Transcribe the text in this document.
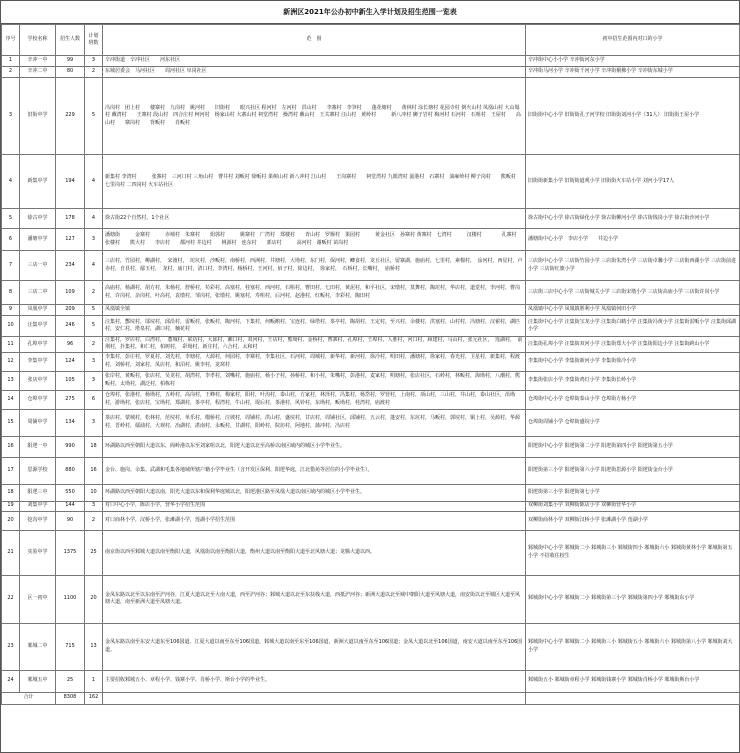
新洲区2021年公办初中新生入学计划及招生范围一览表
序号	学校名称	招生人数	计划班数	范　围	初中招生范围内对口的小学
1	辛冲一中	99	3	辛冲街道　辛冲社区　　河东社区	辛冲街中心小小学 辛冲街河东小学
2	辛冲二中	80	2	东城居委会　马河社区　　周河社区 阜岗社区	辛冲街马河小学 辛冲街千河小学 辛冲街桐佛小学 辛冲街东城小学
3	旧街中学	229	5	冯岗村　团上村　　楼寨村　九岗村　姚河村　　旧街村　　眼兴社区 程河村　左河村　洪山村　　李寨村　李笋村　　蓬花塘村　　黄林村 涂长塘村 花园寺村 倒火山村 凤凰山村 大山塌村 戴湾村　　王寨村 段山村　四合庄村 柯河村　杨家山村 大寨山村 祠堂湾村　操湾村 戴山村　王关寨村 汪山村　黄岭村　　　新八冲村 狮子岩村 梅河村 石河村　石咀村　王屋村　　高山村　　寨岗村　　背畈村　　肖畈村	旧街街中心小学 旧街街孔子河学校 旧街街刘河小学（31人） 旧街街王屋小学
4	新集中学	194	4	新集村 李湾村　　　张寨村　三河口村 三角山村　曹井村 刘畈村 徐畈村 果树山村 新八冲村 江山村　　王岗寨村　　祠堂湾村 九眼湾村 滋港村　石寨村　油麻岭村 柳子岗村　　熊畈村　七里岗村 二四岗村 火车站社区	旧街街新集小学 旧街街道观小学 旧街街火车站小学 刘河小学17人
5	徐古中学	178	4	徐古街22个自然村，1个社区	徐古街中心小学 徐古街绿化小学 徐古街柳河小学 徐古街钱岗小学 徐古街沙河小学
6	潘塘中学	127	3	潘塘街　　　金寨村　　　赤城村　朱寨村　　姐郭村　　　姚寨村　广湾村　郑楼村　　青山村　罗堰村　果园村　　　黄金社区　孙寨村 黄寨村　七湾村　　　汉楼村　　　　孔寨村　张楼村　　熊大村　　李店村　　都河村 井边村　　桃源村　连东村　　郭店村　　　高河村　谢畈村 苗岗村	潘塘街中心小学　李店小学　　井边小学
7	三店一中	234	4	三店村，竹园村，柳湖村，　宋渡村，　坨坑村，沙畈村，南桥村，西洲村，井塘村，大坳村，东门村，保河村，鲫食村，龙丘社区，留寨湖，施庙村，七里村，素棉村，　涂河村，西星村，卢赤村，自艮村，鄢玉村，　龙村，庙门村，清口村，李湾村，杨桥村，王河村，佰子村，徐边村，　徐家村，　石桥村，长嘴村，　庙桥村	三店街中心小学 三店街竹园小学 三店街朱湾小学 三店街卓馨小学 三店街西湖小学 三店街前进小学 三店街红旗小学
8	三店二中	109	2	高庙村，杨湖村，胡方村，朱杨村，舒桥村，苟彩村，高塞村，桂塞村，西河村，石咀村，曹田村，七田村，黄泥村，和平社区，宋墩村，莫舞村，陶坨村，华店村，道觉村，李河村，曹岗村，许岗村，杂岗村，叶高村，袁墩村，邹岗村，张墩村，姚塞村，寿咀村，后河村，赵港村，红畈村，李彩村，陶田村	三店街三店中心小学 三店街城关小学 三店街宋墩小学 三店街高庙小学 三店街许岗小学
9	凤凰中学	209	5	凤凰镇全镇	凤凰镇中心小学 凤凰镇胜利小学 凤凰镇何田小学
10	汪集中学	246	5	汪集村，酆垸村，邬垸村，邱沿村，雷畈村，张畈村，陶河村，下集村，何畈鹅村，宝连村，绿塔村，茶亭村，陶胡村，王定村，至兴村，余楼村，洪塞村，山村村，冯塘村，汉翟村，湖匹村，安仁村，塔泉村，湖口村，楠花村	汪集街中心小学 汪集街宝龙小学 汪集街白鹤小学 汪集街冯黄小学 汪集街雷畈小学 汪集街邱湖小学
11	孔埠中学	96	2	汪集村，罗店村，白湾村，　董城村，联坊村，大邱村，湘口村，双河村，王店村，熊坳村，金桥村，曹寨村，孔埠村，王埠村，人胜村，河口村，顾建村，马山村，张元社区，　莲湖村，　前荆村，扑集村，和仁村，柏树村，　彩坳村，新庄村，六合村，太和村	汪集街孔埠小学 汪集街双河小学 汪集街郑大小学 汪集街阳边小学 汪集街跨山小学
12	李集中学	124	3	李集村，彭庄村，罗夏村，刘先村，李塘村，大源村，何园村，李寨村，李集社区，石河村，周城村，新华村，新河村，徐冷村，明田村，潘塘村，徐家村，春光村，卫星村，新集村，程渡村，刘桥村，刘家村，凤店村，和泊村，姚李村，龙窝村	李集街中心小学 李集街新河小学 李集街徐冷小学
13	张店中学	105	3	张岸村，黄畈村，张店村，吴龙村，胡湾村，李孝村，刘嘴村，施庙村，杨小子村，孙桥村，和小村，朱嘴村，彭港村，麦家村，明塘村，张店社区，石岭村，林畈村，海坳村，八潮村，熊畈村，太坳村，湖泛村，柏栋村	李集街张店小学 李集街鸡灯小学 李集街长岭小学
14	仓埠中学	275	6	仓埠村，张港村，杨坳村，五岭村，高岗村，王峰村，梅家村，阳村，叶沟村，泰山村，方家村，林泽村，冯集村，杨岱村，罗营村，上南村，项山村，三山村，井山村，泰山社区，沿坳村，游坳村，张店村，宝坳村，郑湖村，茶亭村，程湾村，牛山村，堤后村，茶港村，风铃村，东坳村，畈坳村，桂湾村，庙渡村	仓埠街中心小学 仓埠街泰山小学 仓埠街方杨小学
15	周铺中学	134	3	茶店村，蒙城村，松林村，范垸村，单乐村，榴桥村，汪坡村，周铺村，洪山村，盛垸村，甘店村，周铺社区，邱铺村，五云村，蓬安村，东坑村，马畈村，郭垸村，铜上村，吴源村，华源村，晋岭村，鄢浦村，大观村，冶湖村，湛南村，永畈村，甘湖村，阳岭村，院坊村，阿地村，蒲冲村，冯店村	仓埠街周铺小学 仓埠街盛垸小学
16	阳逻一中	990	18	环湖路以西至朝阳大道以东，阁岭港以东至刘家咀以北，阳逻大道以北至高桥以南区域内的城区小学毕业生。	阳逻街中心小学 阳逻街第二小学 阳逻街第四小学 阳逻街第五小学
17	思源学校	880	16	金台、施岗、余集、武湖和毛集各地域所辖户籍小学毕业生（含开发区保利、阳逻华庭，江北猎苑等居住的小学毕业生）。	阳逻街第三小学 阳逻街第六小学 阳逻街思源小学 阳逻街金台小学
18	阳逻三中	550	10	环湖路以西至朝阳大道以南，阳光大道以东和保利华庭城以北，阳逻港区路至凤凰大道以南区域内的城区小学毕业生。	阳逻街第三小学 阳逻街第七小学
19	刘集中学	144	3	对口中心小学，陈店小学，营华小学招生范围	双柳街刘集小学 双柳街陈店小学 双柳街营华小学
20	挖沟中学	90	2	对口商林小学，汉桥小学，张滩湖小学，莲湖小学招生范围	双柳街商林小学 双柳街汉桥小学 张滩湖小学 莲湖小学
21	实验中学	1375	25	南京街以西至邾城大道以南至衡阳大道，风凰街以南至衡阳大道，衡州大道以南至衡阳大道至北风塘大道；龙腾大道以西。	邾城街中心小学 邾城街二小 邾城街三小 邾城街四小 邾城街六小 邾城街黄林小学 邾城街第五小学 不招收住校生
22	区一初中	1100	20	金凤东路以北至以东南至沪河谷，江夏大道以北至大南大道，西至沪河谷；邾城大道以北至东扶栈大道，西抵沪河谷；新洲大道以北至城中朝阳大道至风塘大道，南安街以北至城区大道至风塘大道，南至新洲大道至凤塘大道。	邾城街中心小学 邾城街二小 邾城街第三小学 邾城街第四小学 邾城街东小学
23	邾城二中	715	13	金凤东路以南至东安大道东至106国道，江夏大道以南至东至106国道，邾城大道以南至东至106国道，新洲大道以南至东至106国道；金凤大道以北至106国道，南安大道以南至东至106国道。	邾城街中心小学 邾城街二小 邾城街三小 邾城街五小 邾城街六小 邾城街第八小学 邾城街刘大小学
24	邾城五中	25	1	主要招收邾城五小、章程小学、钱寨小学、肖桥小学、斯台小学的毕业生。	邾城街五小 邾城街章程小学 邾城街钱寨小学 邾城街肖桥小学 邾城街斯台小学
合计		8308	162		
